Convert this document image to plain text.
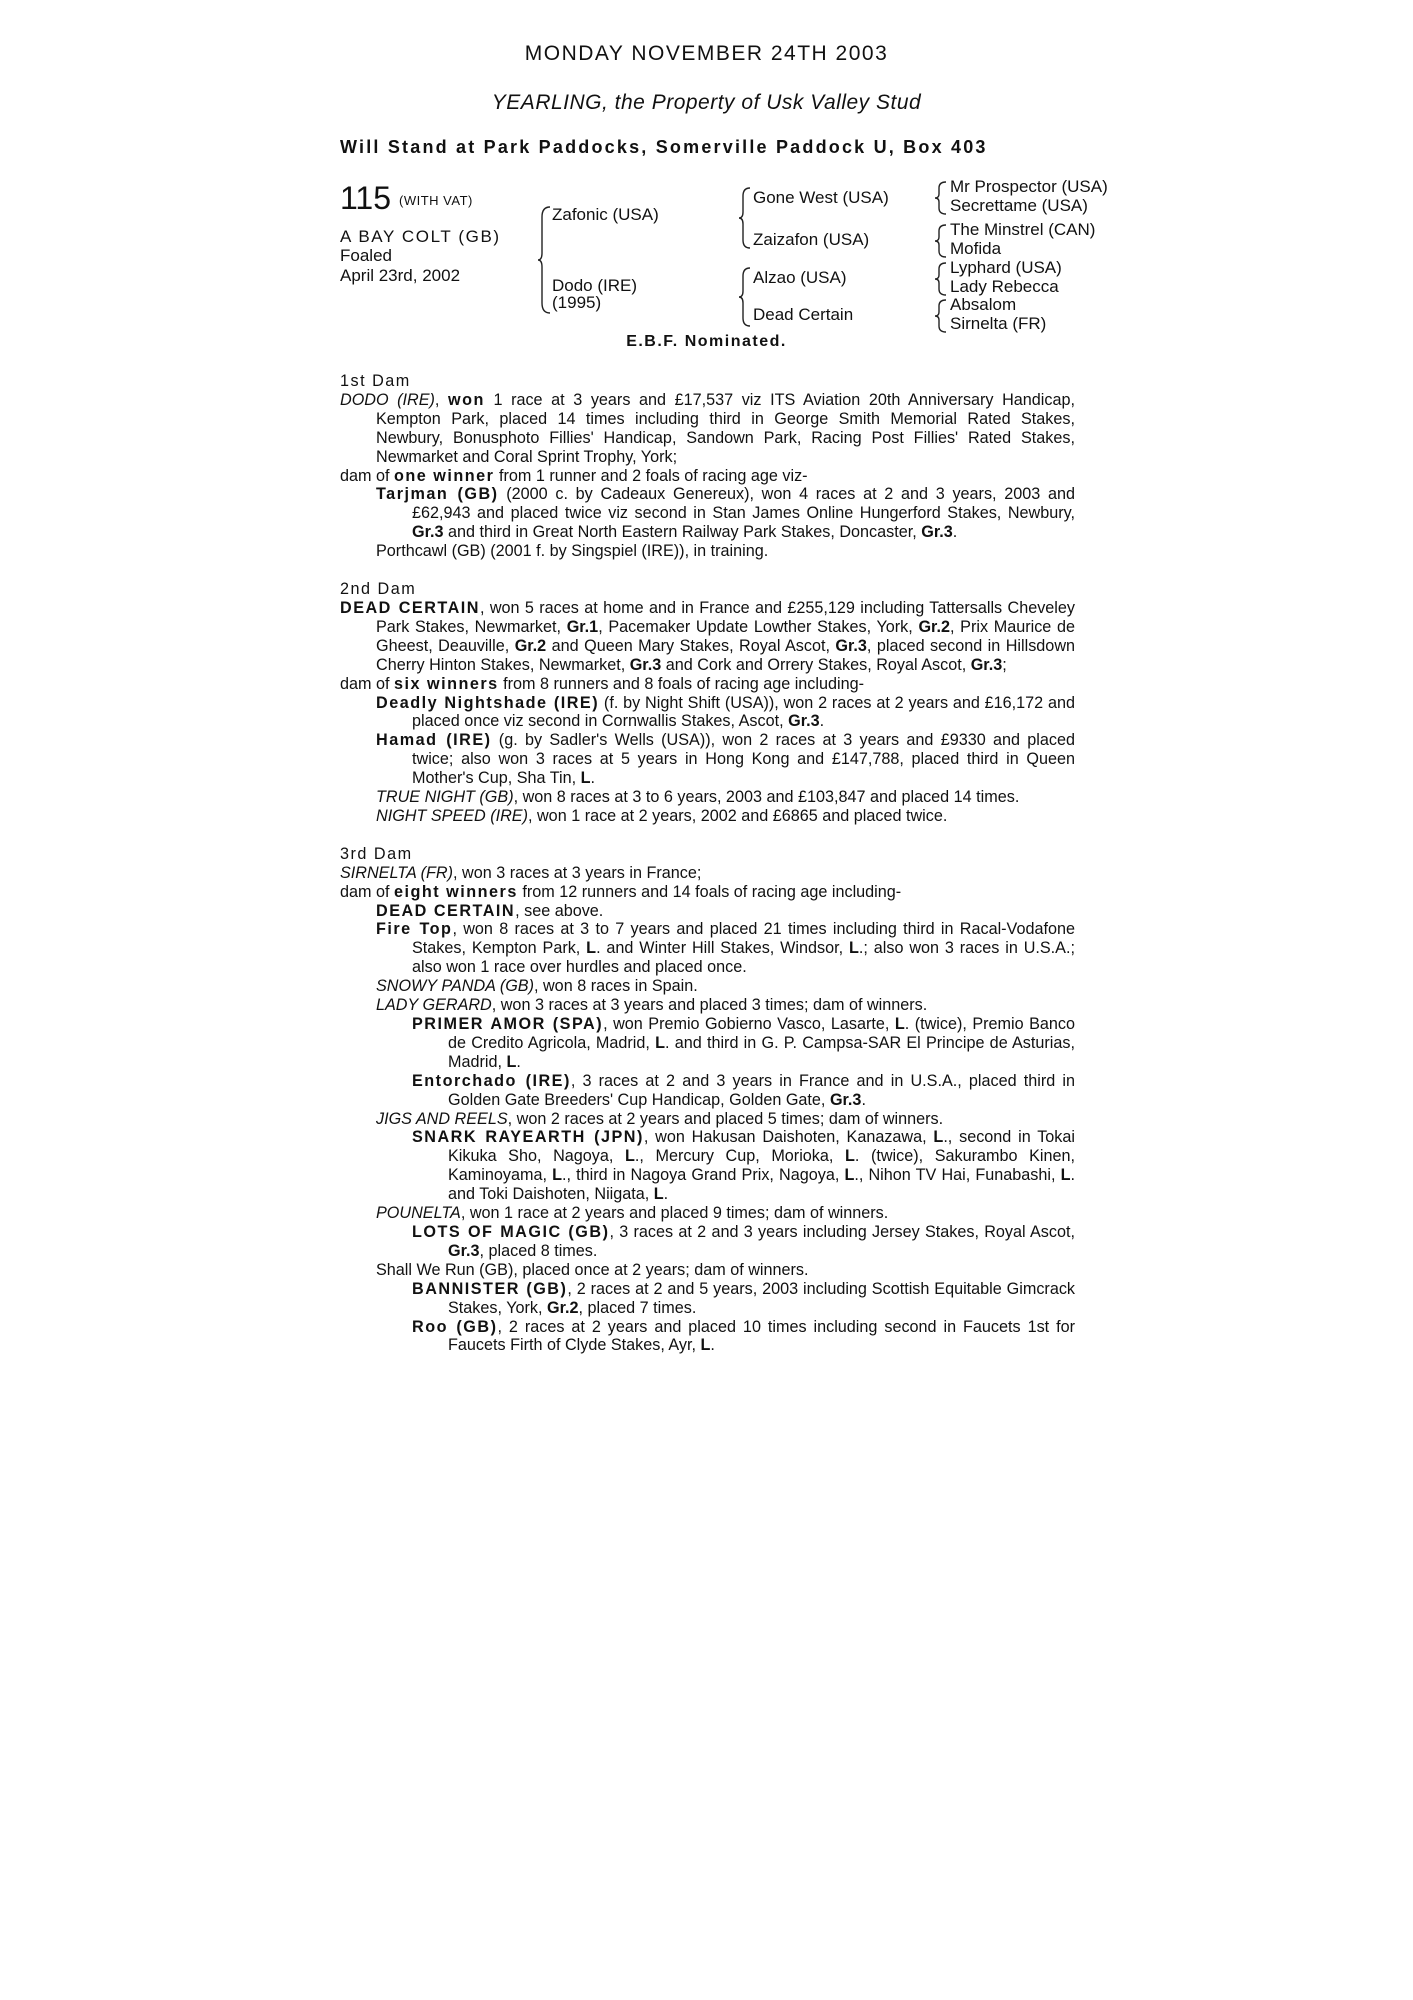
MONDAY NOVEMBER 24TH 2003
YEARLING, the Property of Usk Valley Stud
Will Stand at Park Paddocks, Somerville Paddock U, Box 403
115 (WITH VAT)
A BAY COLT (GB)
Foaled
April 23rd, 2002
Zafonic (USA)
Dodo (IRE)
(1995)
Gone West (USA)
Zaizafon (USA)
Alzao (USA)
Dead Certain
Mr Prospector (USA)
Secrettame (USA)
The Minstrel (CAN)
Mofida
Lyphard (USA)
Lady Rebecca
Absalom
Sirnelta (FR)
E.B.F. Nominated.

1st Dam

DODO (IRE), won 1 race at 3 years and £17,537 viz ITS Aviation 20th Anniversary Handicap, Kempton Park, placed 14 times including third in George Smith Memorial Rated Stakes, Newbury, Bonusphoto Fillies' Handicap, Sandown Park, Racing Post Fillies' Rated Stakes, Newmarket and Coral Sprint Trophy, York;

dam of one winner from 1 runner and 2 foals of racing age viz-

Tarjman (GB) (2000 c. by Cadeaux Genereux), won 4 races at 2 and 3 years, 2003 and £62,943 and placed twice viz second in Stan James Online Hungerford Stakes, Newbury, Gr.3 and third in Great North Eastern Railway Park Stakes, Doncaster, Gr.3.

Porthcawl (GB) (2001 f. by Singspiel (IRE)), in training.

2nd Dam

DEAD CERTAIN, won 5 races at home and in France and £255,129 including Tattersalls Cheveley Park Stakes, Newmarket, Gr.1, Pacemaker Update Lowther Stakes, York, Gr.2, Prix Maurice de Gheest, Deauville, Gr.2 and Queen Mary Stakes, Royal Ascot, Gr.3, placed second in Hillsdown Cherry Hinton Stakes, Newmarket, Gr.3 and Cork and Orrery Stakes, Royal Ascot, Gr.3;

dam of six winners from 8 runners and 8 foals of racing age including-

Deadly Nightshade (IRE) (f. by Night Shift (USA)), won 2 races at 2 years and £16,172 and placed once viz second in Cornwallis Stakes, Ascot, Gr.3.

Hamad (IRE) (g. by Sadler's Wells (USA)), won 2 races at 3 years and £9330 and placed twice; also won 3 races at 5 years in Hong Kong and £147,788, placed third in Queen Mother's Cup, Sha Tin, L.

TRUE NIGHT (GB), won 8 races at 3 to 6 years, 2003 and £103,847 and placed 14 times.

NIGHT SPEED (IRE), won 1 race at 2 years, 2002 and £6865 and placed twice.

3rd Dam

SIRNELTA (FR), won 3 races at 3 years in France;

dam of eight winners from 12 runners and 14 foals of racing age including-

DEAD CERTAIN, see above.

Fire Top, won 8 races at 3 to 7 years and placed 21 times including third in Racal-Vodafone Stakes, Kempton Park, L. and Winter Hill Stakes, Windsor, L.; also won 3 races in U.S.A.; also won 1 race over hurdles and placed once.

SNOWY PANDA (GB), won 8 races in Spain.

LADY GERARD, won 3 races at 3 years and placed 3 times; dam of winners.

PRIMER AMOR (SPA), won Premio Gobierno Vasco, Lasarte, L. (twice), Premio Banco de Credito Agricola, Madrid, L. and third in G. P. Campsa-SAR El Principe de Asturias, Madrid, L.

Entorchado (IRE), 3 races at 2 and 3 years in France and in U.S.A., placed third in Golden Gate Breeders' Cup Handicap, Golden Gate, Gr.3.

JIGS AND REELS, won 2 races at 2 years and placed 5 times; dam of winners.

SNARK RAYEARTH (JPN), won Hakusan Daishoten, Kanazawa, L., second in Tokai Kikuka Sho, Nagoya, L., Mercury Cup, Morioka, L. (twice), Sakurambo Kinen, Kaminoyama, L., third in Nagoya Grand Prix, Nagoya, L., Nihon TV Hai, Funabashi, L. and Toki Daishoten, Niigata, L.

POUNELTA, won 1 race at 2 years and placed 9 times; dam of winners.

LOTS OF MAGIC (GB), 3 races at 2 and 3 years including Jersey Stakes, Royal Ascot, Gr.3, placed 8 times.

Shall We Run (GB), placed once at 2 years; dam of winners.

BANNISTER (GB), 2 races at 2 and 5 years, 2003 including Scottish Equitable Gimcrack Stakes, York, Gr.2, placed 7 times.

Roo (GB), 2 races at 2 years and placed 10 times including second in Faucets 1st for Faucets Firth of Clyde Stakes, Ayr, L.
